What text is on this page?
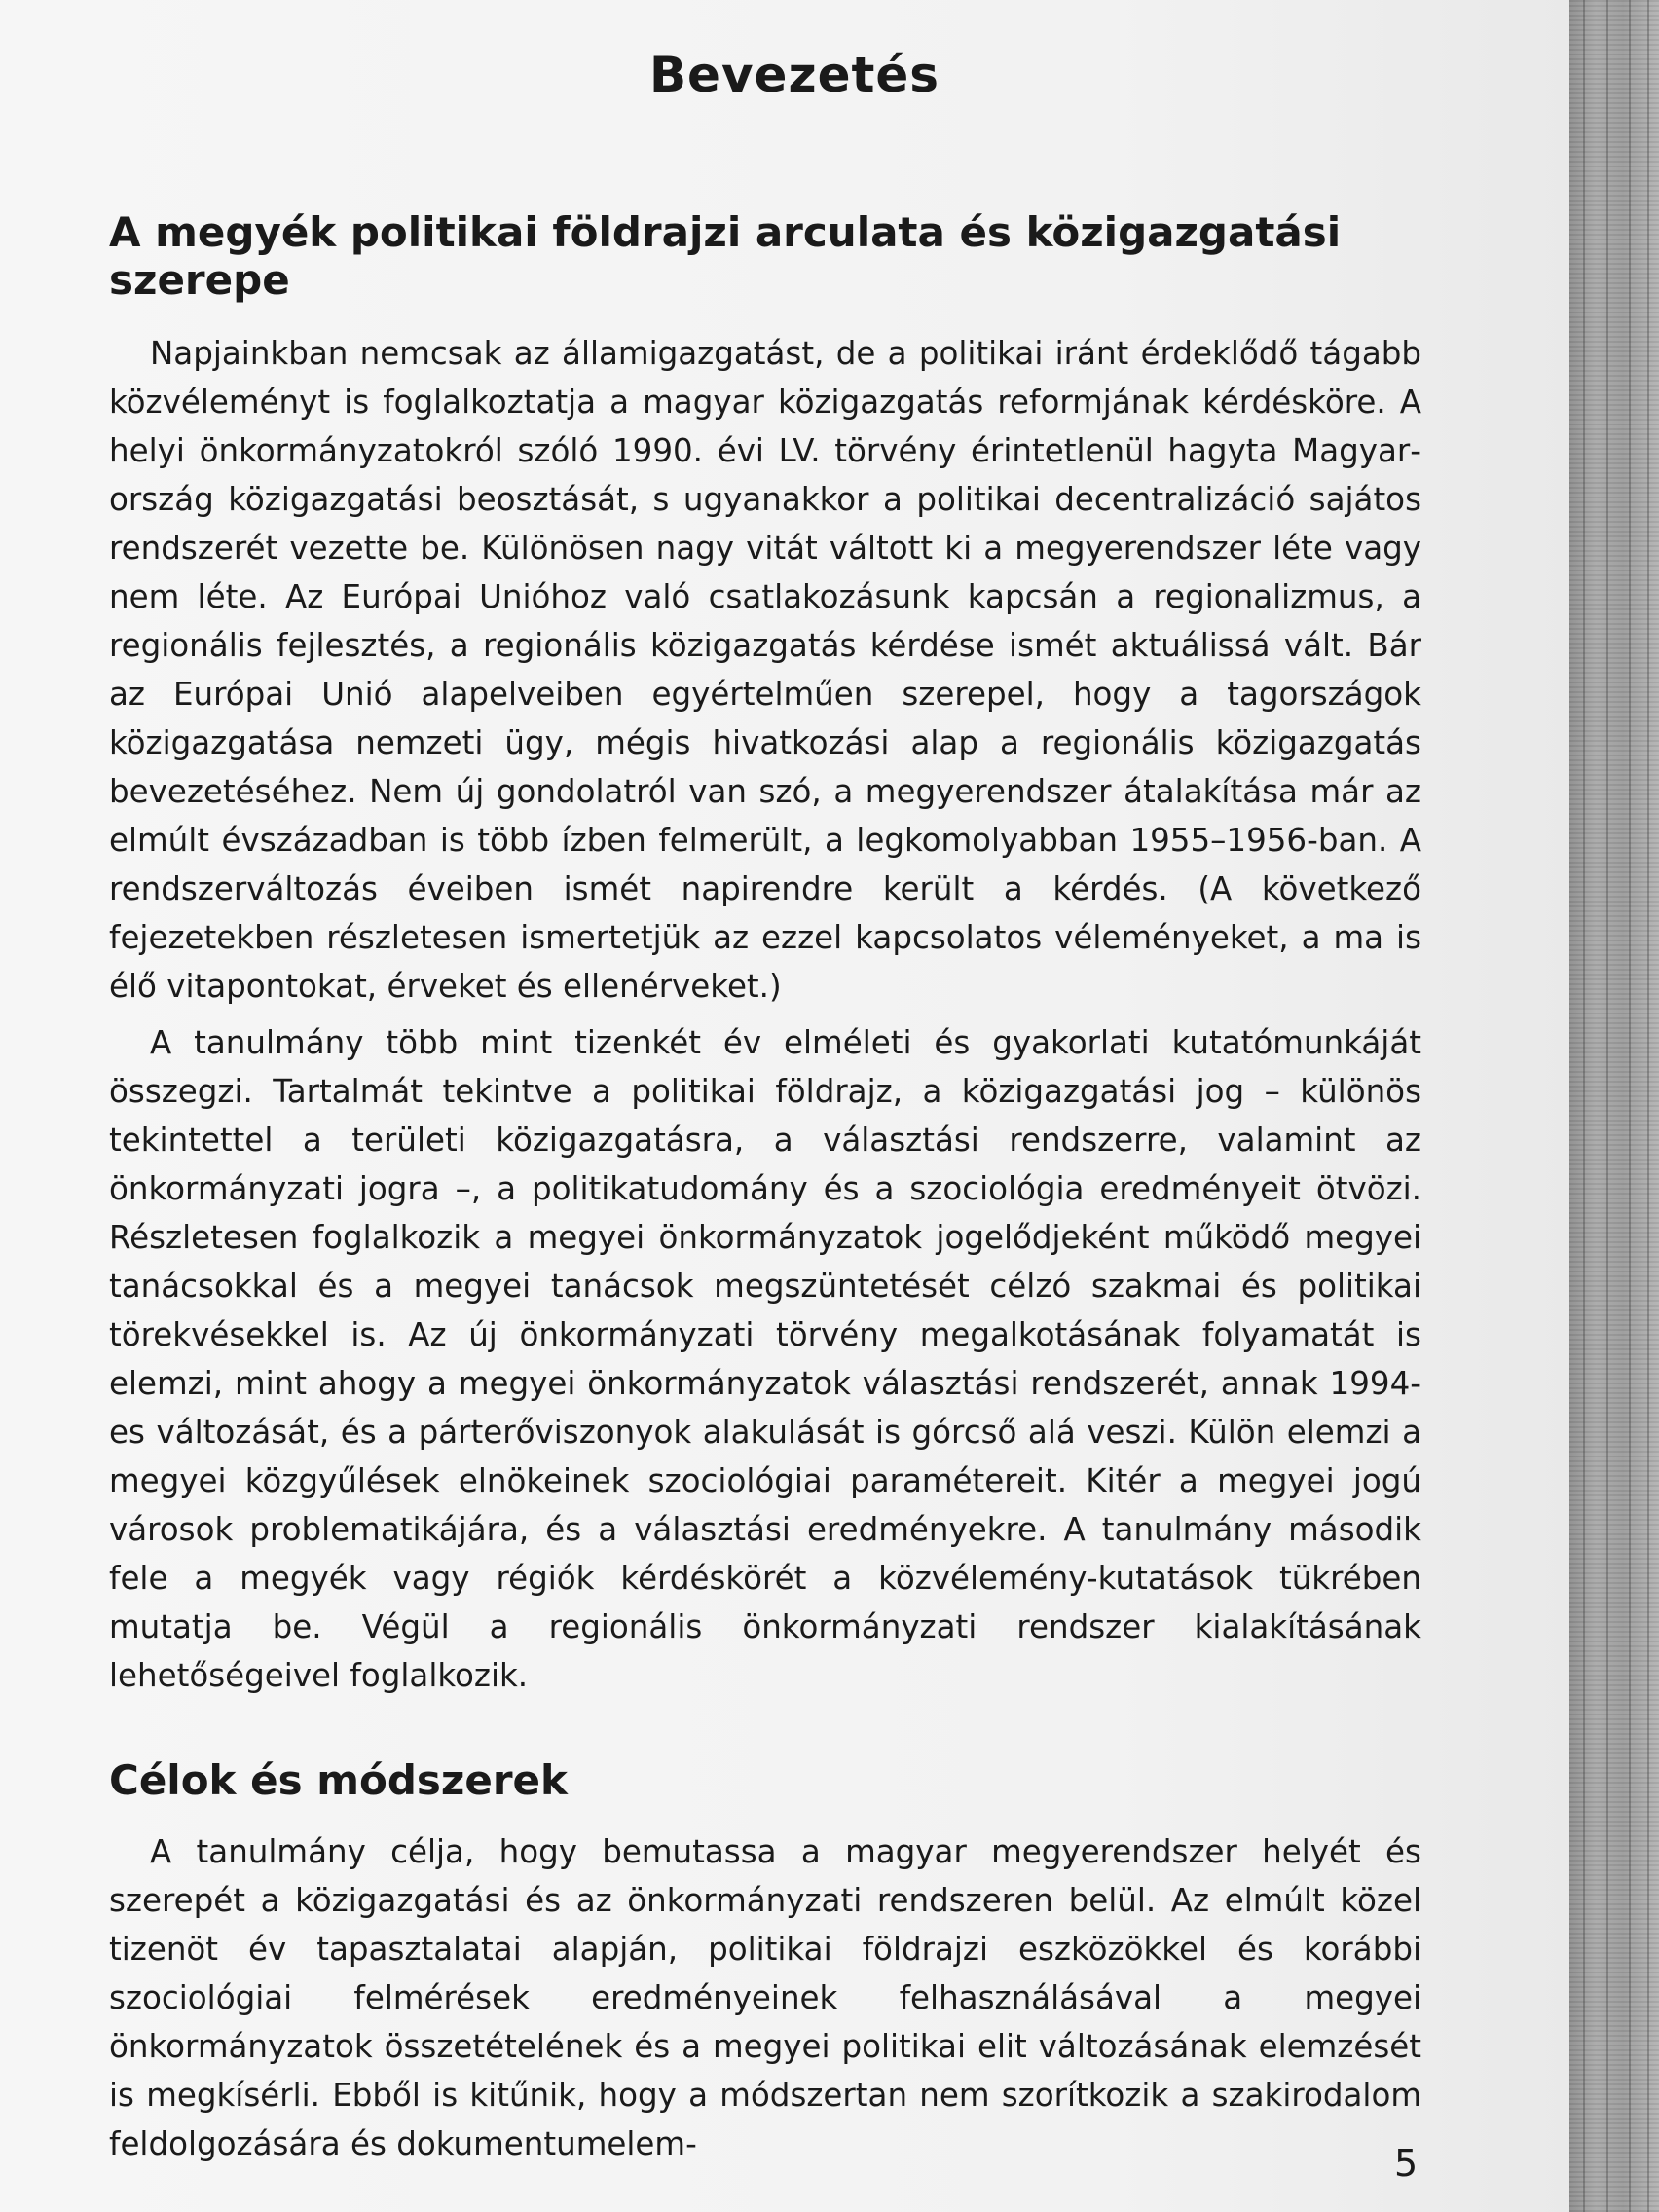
Bevezetés
A megyék politikai földrajzi arculata és közigazgatási szerepe

Napjainkban nemcsak az államigazgatást, de a politikai iránt érdeklődő tágabb közvéleményt is foglalkoztatja a magyar közigazgatás reformjának kérdésköre. A helyi önkormányzatokról szóló 1990. évi LV. törvény érintetlenül hagyta Magyarország közigazgatási beosztását, s ugyanakkor a politikai decentralizáció sajátos rendszerét vezette be. Különösen nagy vitát váltott ki a megyerendszer léte vagy nem léte. Az Európai Unióhoz való csatlakozásunk kapcsán a regionalizmus, a regionális fejlesztés, a regionális közigazgatás kérdése ismét aktuálissá vált. Bár az Európai Unió alapelveiben egyértelműen szerepel, hogy a tagországok közigazgatása nemzeti ügy, mégis hivatkozási alap a regionális közigazgatás bevezetéséhez. Nem új gondolatról van szó, a megyerendszer átalakítása már az elmúlt évszázadban is több ízben felmerült, a legkomolyabban 1955–1956-ban. A rendszerváltozás éveiben ismét napirendre került a kérdés. (A következő fejezetekben részletesen ismertetjük az ezzel kapcsolatos véleményeket, a ma is élő vitapontokat, érveket és ellenérveket.)

A tanulmány több mint tizenkét év elméleti és gyakorlati kutatómunkáját összegzi. Tartalmát tekintve a politikai földrajz, a közigazgatási jog – különös tekintettel a területi közigazgatásra, a választási rendszerre, valamint az önkormányzati jogra –, a politikatudomány és a szociológia eredményeit ötvözi. Részletesen foglalkozik a megyei önkormányzatok jogelődjeként működő megyei tanácsokkal és a megyei tanácsok megszüntetését célzó szakmai és politikai törekvésekkel is. Az új önkormányzati törvény megalkotásának folyamatát is elemzi, mint ahogy a megyei önkormányzatok választási rendszerét, annak 1994-es változását, és a párterőviszonyok alakulását is górcső alá veszi. Külön elemzi a megyei közgyűlések elnökeinek szociológiai paramétereit. Kitér a megyei jogú városok problematikájára, és a választási eredményekre. A tanulmány második fele a megyék vagy régiók kérdéskörét a közvélemény-kutatások tükrében mutatja be. Végül a regionális önkormányzati rendszer kialakításának lehetőségeivel foglalkozik.

Célok és módszerek

A tanulmány célja, hogy bemutassa a magyar megyerendszer helyét és szerepét a közigazgatási és az önkormányzati rendszeren belül. Az elmúlt közel tizenöt év tapasztalatai alapján, politikai földrajzi eszközökkel és korábbi szociológiai felmérések eredményeinek felhasználásával a megyei önkormányzatok összetételének és a megyei politikai elit változásának elemzését is megkísérli. Ebből is kitűnik, hogy a módszertan nem szorítkozik a szakirodalom feldolgozására és dokumentumelem-	5
